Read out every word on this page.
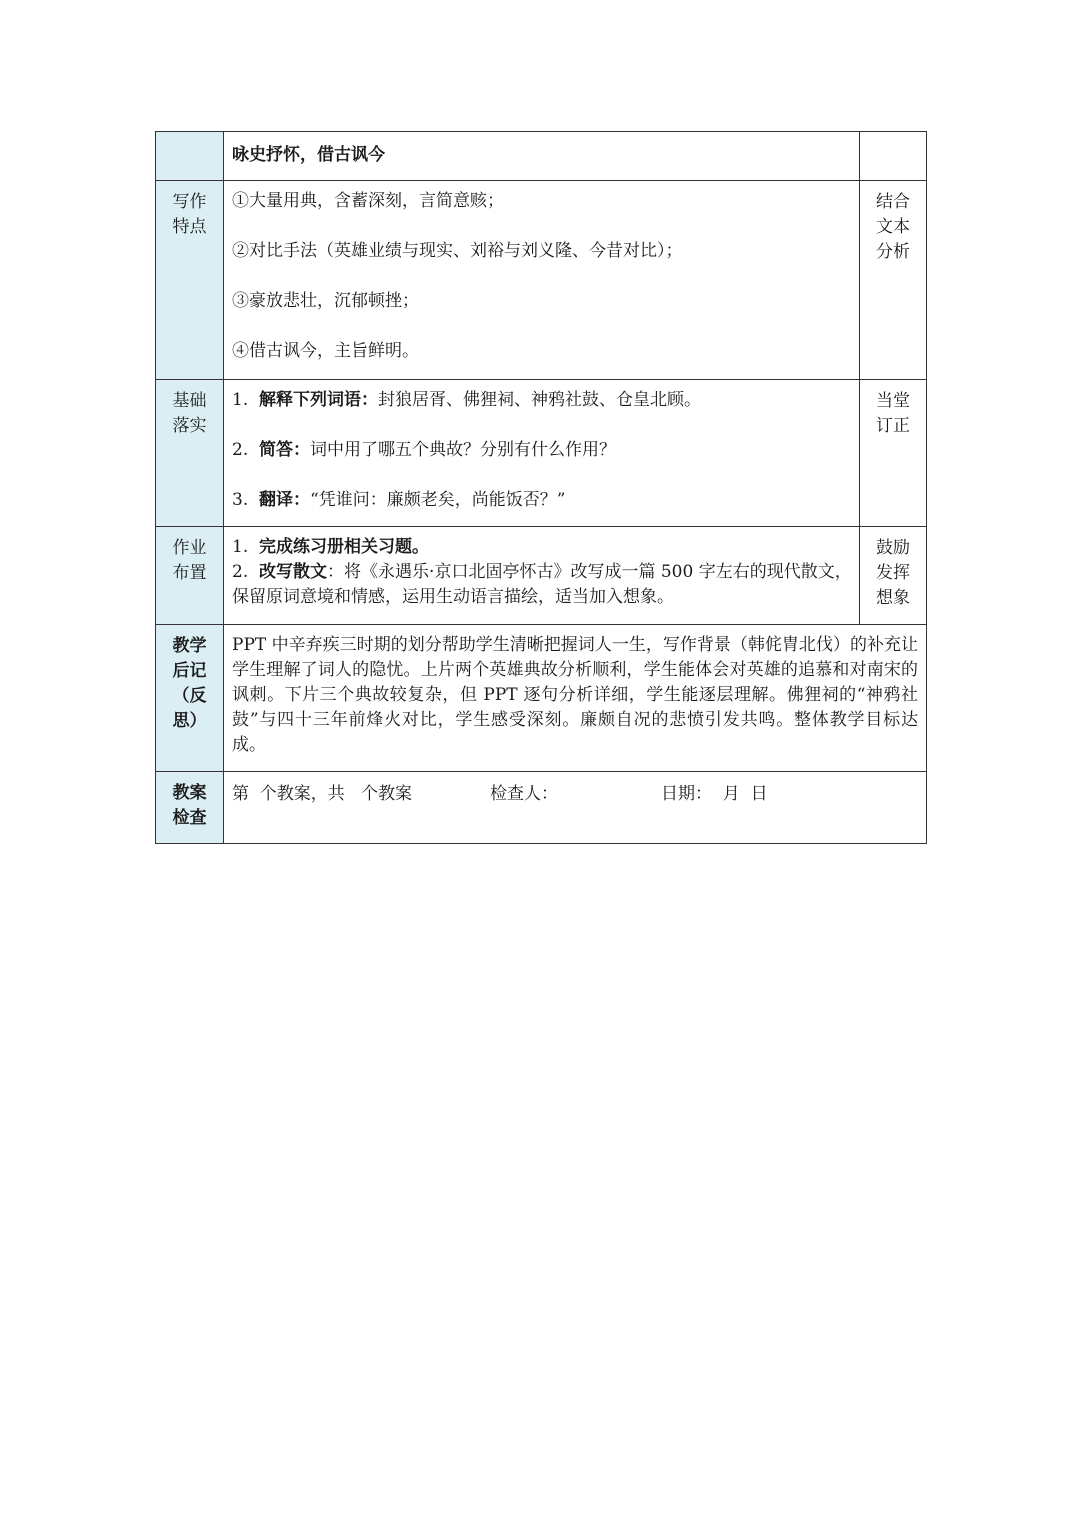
	咏史抒怀，借古讽今	

写作特点	①大量用典，含蓄深刻，言简意赅；
②对比手法（英雄业绩与现实、刘裕与刘义隆、今昔对比）；
③豪放悲壮，沉郁顿挫；
④借古讽今，主旨鲜明。	结合文本分析

基础落实	1. 解释下列词语：封狼居胥、佛狸祠、神鸦社鼓、仓皇北顾。
2. 简答：词中用了哪五个典故？分别有什么作用？
3. 翻译：“凭谁问：廉颇老矣，尚能饭否？”	当堂订正

作业布置	1. 完成练习册相关习题。
2. 改写散文：将《永遇乐·京口北固亭怀古》改写成一篇 500 字左右的现代散文，保留原词意境和情感，运用生动语言描绘，适当加入想象。	鼓励发挥想象

教学后记（反思）	PPT 中辛弃疾三时期的划分帮助学生清晰把握词人一生，写作背景（韩侂胄北伐）的补充让学生理解了词人的隐忧。上片两个英雄典故分析顺利，学生能体会对英雄的追慕和对南宋的讽刺。下片三个典故较复杂，但 PPT 逐句分析详细，学生能逐层理解。佛狸祠的“神鸦社鼓”与四十三年前烽火对比，学生感受深刻。廉颇自况的悲愤引发共鸣。整体教学目标达成。	

教案检查	第  个教案，共   个教案 检查人： 日期：  月  日	
